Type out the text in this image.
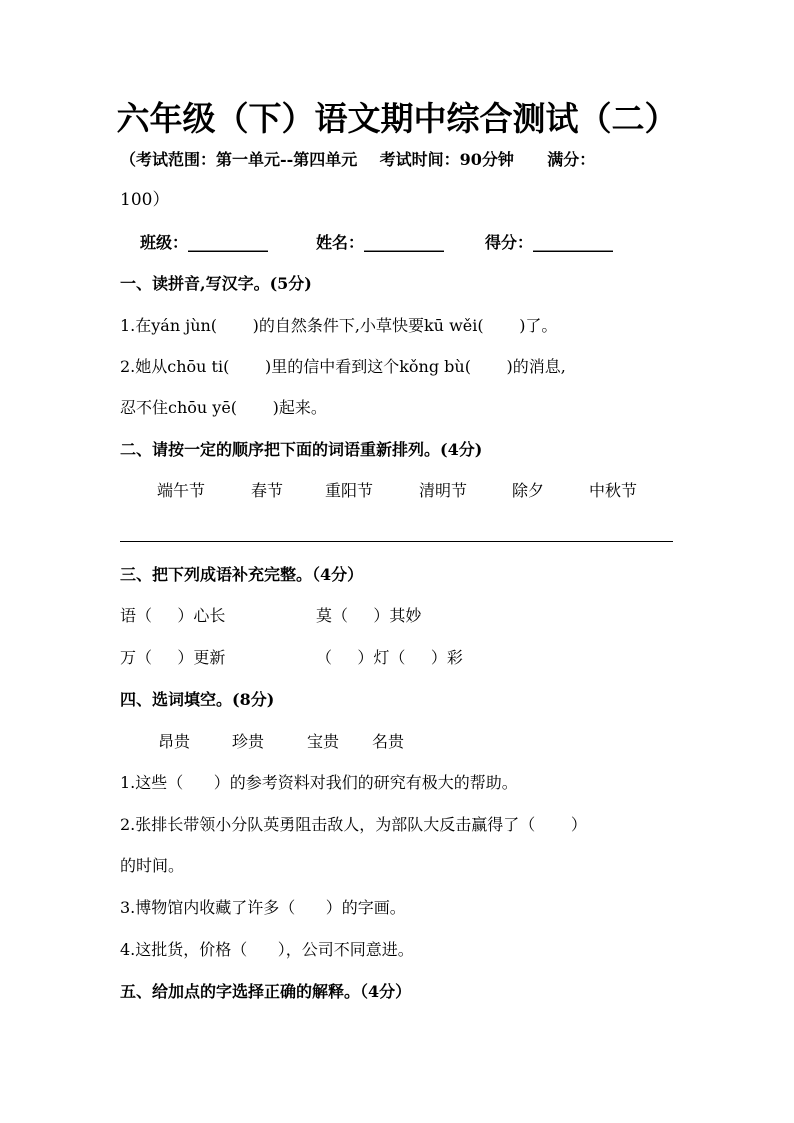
六年级（下）语文期中综合测试（二）
（考试范围：第一单元--第四单元    考试时间：90分钟      满分：
100）
班级：__________	姓名：__________	得分：__________
一、读拼音,写汉字。(5分)
1.在yán jùn(       )的自然条件下,小草快要kū wěi(       )了。
2.她从chōu ti(       )里的信中看到这个kǒng bù(       )的消息,
忍不住chōu yē(       )起来。
二、请按一定的顺序把下面的词语重新排列。(4分)
端午节	春节	重阳节	清明节	除夕	中秋节
三、把下列成语补充完整。（4分）
语（     ）心长	莫（     ）其妙
万（     ）更新	（     ）灯（     ）彩
四、选词填空。(8分)
昂贵	珍贵	宝贵 名贵
1.这些（      ）的参考资料对我们的研究有极大的帮助。
2.张排长带领小分队英勇阻击敌人，为部队大反击赢得了（       ）
的时间。
3.博物馆内收藏了许多（      ）的字画。
4.这批货，价格（      ），公司不同意进。
五、给加点的字选择正确的解释。（4分）
